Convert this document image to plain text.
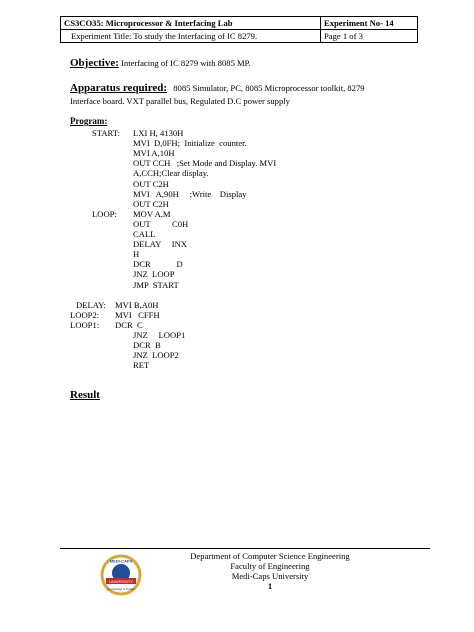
CS3CO35: Microprocessor & Interfacing Lab	Experiment No- 14
Experiment Title: To study the Interfacing of IC 8279.	Page 1 of 3
Objective: Interfacing of IC 8279 with 8085 MP.
Apparatus required: 8085 Simulator, PC, 8085 Microprocessor toolkit, 8279
Interface board. VXT parallel bus, Regulated D.C power supply
Program:
START: LXI H, 4130H
MVI  D,0FH;  Initialize  counter.
MVI A,10H
OUT CCH   ;Set Mode and Display. MVI
A,CCH;Clear display.
OUT C2H
MVI   A,90H     ;Write    Display
OUT C2H
LOOP: MOV A,M
OUT          C0H
CALL
DELAY     INX
H
DCR            D
JNZ  LOOP
JMP  START
DELAY: MVI B,A0H
LOOP2: MVI   CFFH
LOOP1: DCR  C
JNZ     LOOP1
DCR  B
JNZ  LOOP2
RET
Result
UNIVERSITY
MEDI-CAPS
Knowledge is Power
Department of Computer Science Engineering
Faculty of Engineering
Medi-Caps University
1
